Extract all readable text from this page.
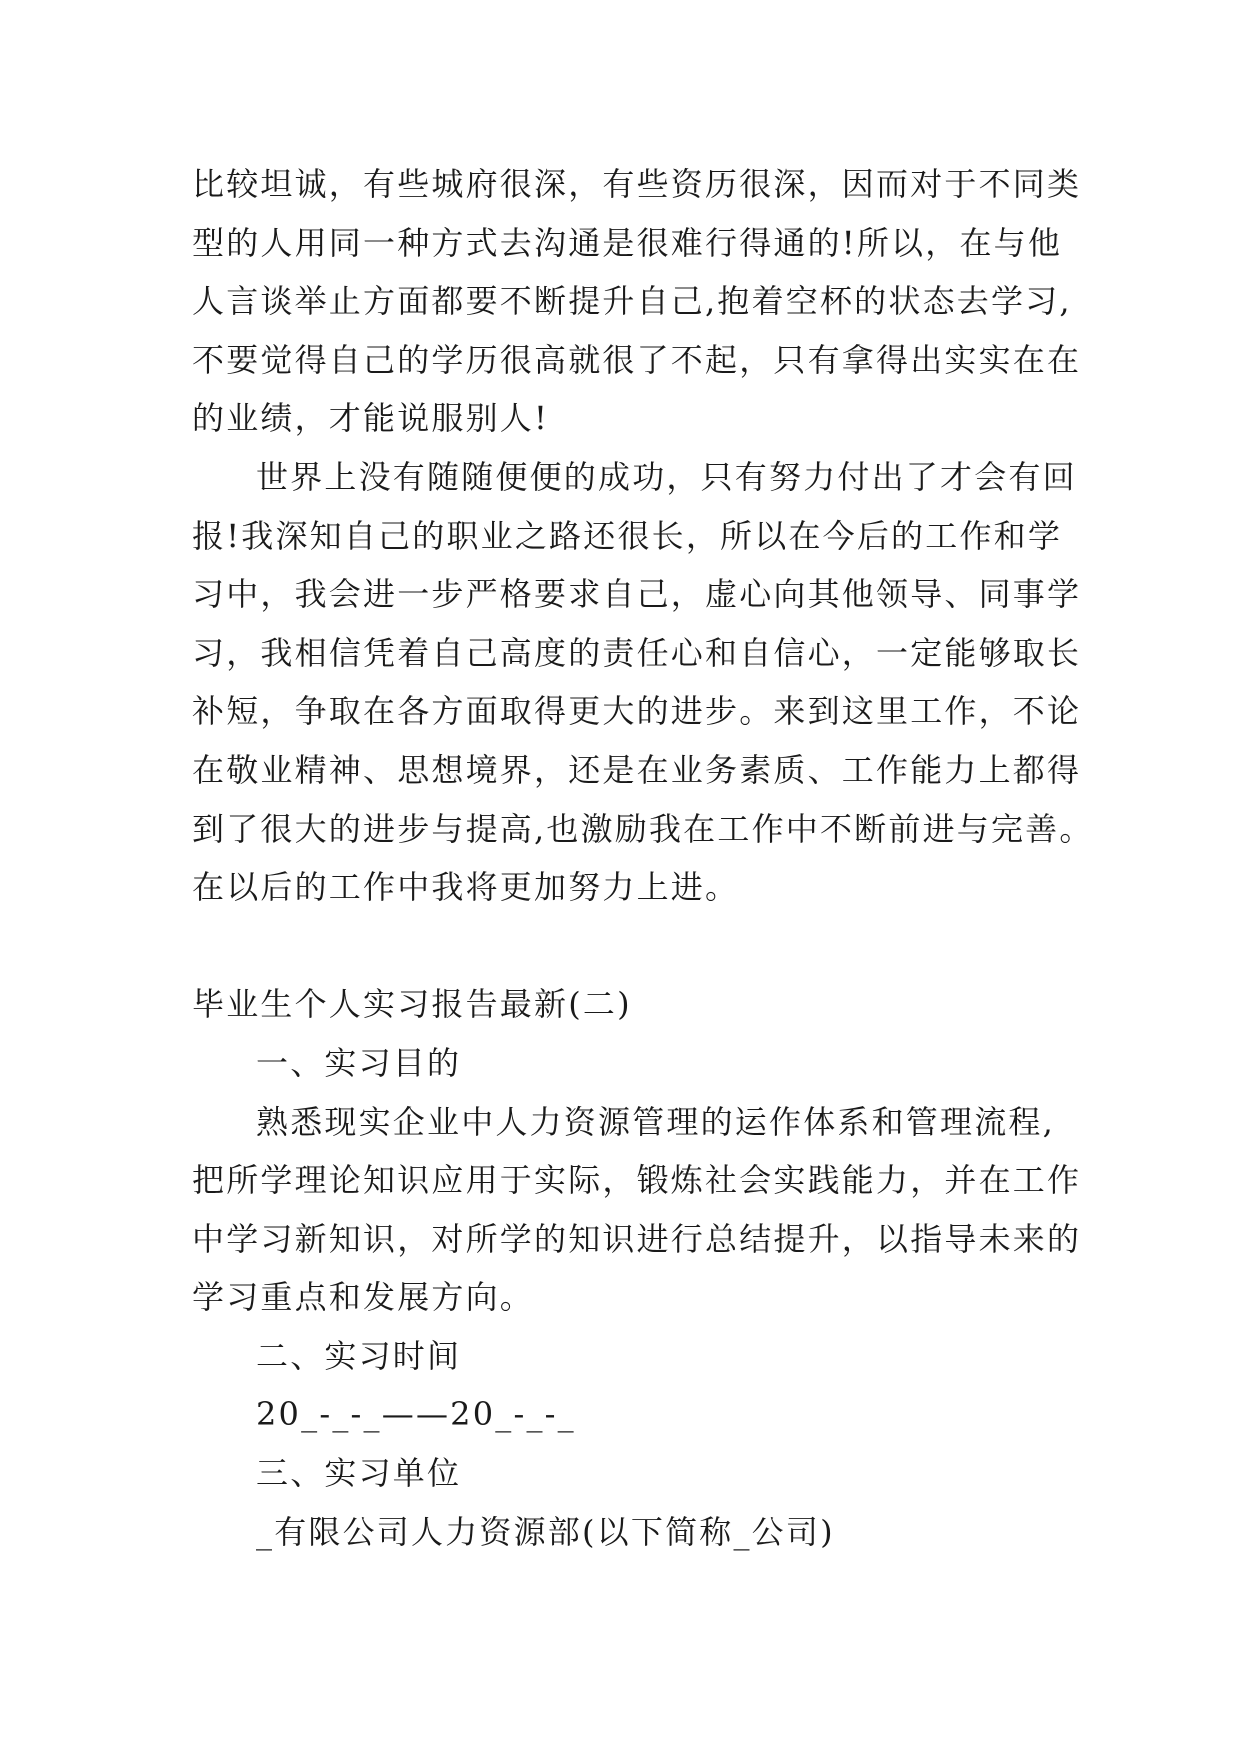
比较坦诚，有些城府很深，有些资历很深，因而对于不同类
型的人用同一种方式去沟通是很难行得通的!所以，在与他
人言谈举止方面都要不断提升自己,抱着空杯的状态去学习,
不要觉得自己的学历很高就很了不起，只有拿得出实实在在
的业绩，才能说服别人!
世界上没有随随便便的成功，只有努力付出了才会有回
报!我深知自己的职业之路还很长，所以在今后的工作和学
习中，我会进一步严格要求自己，虚心向其他领导、同事学
习，我相信凭着自己高度的责任心和自信心，一定能够取长
补短，争取在各方面取得更大的进步。来到这里工作，不论
在敬业精神、思想境界，还是在业务素质、工作能力上都得
到了很大的进步与提高,也激励我在工作中不断前进与完善。
在以后的工作中我将更加努力上进。
毕业生个人实习报告最新(二)
一、实习目的
熟悉现实企业中人力资源管理的运作体系和管理流程,
把所学理论知识应用于实际，锻炼社会实践能力，并在工作
中学习新知识，对所学的知识进行总结提升，以指导未来的
学习重点和发展方向。
二、实习时间
20_-_-_——20_-_-_
三、实习单位
_有限公司人力资源部(以下简称_公司)
